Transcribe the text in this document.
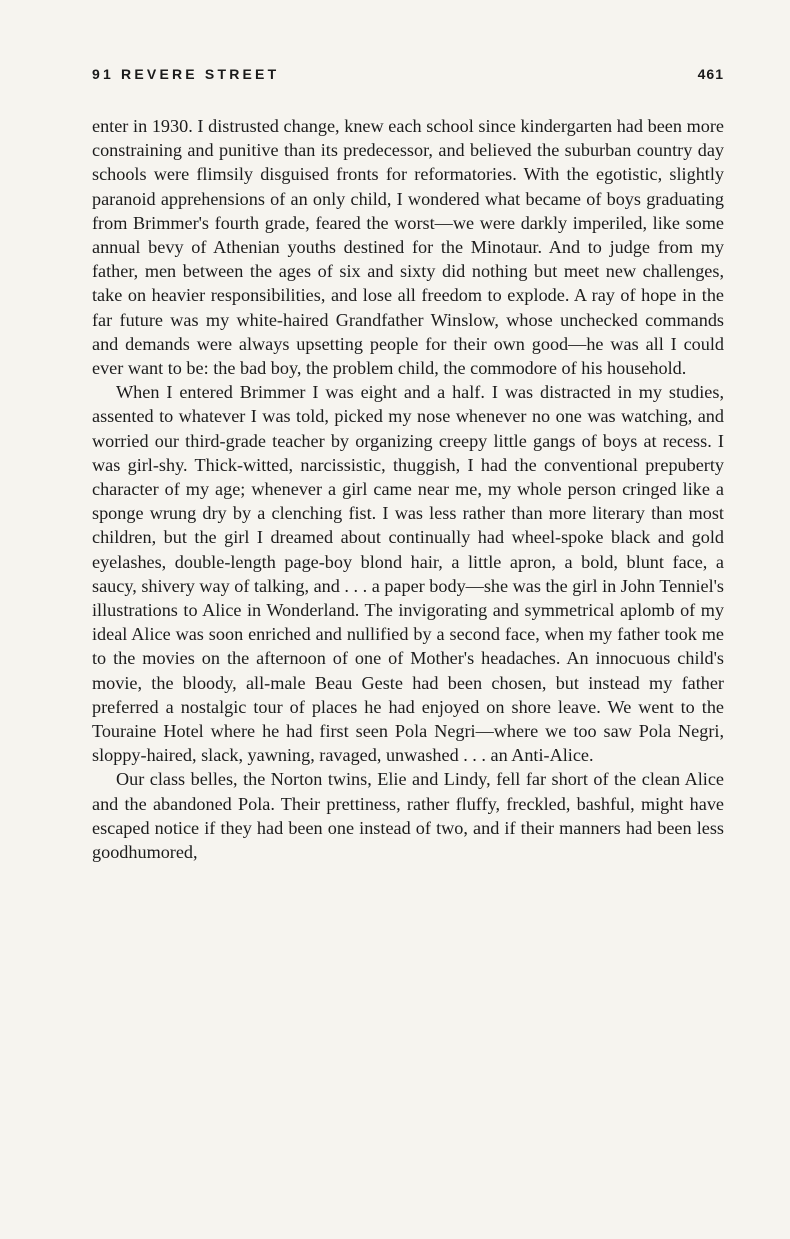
91 REVERE STREET	461

enter in 1930. I distrusted change, knew each school since kindergarten had been more constraining and punitive than its predecessor, and believed the suburban country day schools were flimsily disguised fronts for reformatories. With the egotistic, slightly paranoid apprehensions of an only child, I wondered what became of boys graduating from Brimmer's fourth grade, feared the worst—we were darkly imperiled, like some annual bevy of Athenian youths destined for the Minotaur. And to judge from my father, men between the ages of six and sixty did nothing but meet new challenges, take on heavier responsibilities, and lose all freedom to explode. A ray of hope in the far future was my white-haired Grandfather Winslow, whose unchecked commands and demands were always upsetting people for their own good—he was all I could ever want to be: the bad boy, the problem child, the commodore of his household.

When I entered Brimmer I was eight and a half. I was distracted in my studies, assented to whatever I was told, picked my nose whenever no one was watching, and worried our third-grade teacher by organizing creepy little gangs of boys at recess. I was girl-shy. Thick-witted, narcissistic, thuggish, I had the conventional prepuberty character of my age; whenever a girl came near me, my whole person cringed like a sponge wrung dry by a clenching fist. I was less rather than more literary than most children, but the girl I dreamed about continually had wheel-spoke black and gold eyelashes, double-length page-boy blond hair, a little apron, a bold, blunt face, a saucy, shivery way of talking, and . . . a paper body—she was the girl in John Tenniel's illustrations to Alice in Wonderland. The invigorating and symmetrical aplomb of my ideal Alice was soon enriched and nullified by a second face, when my father took me to the movies on the afternoon of one of Mother's headaches. An innocuous child's movie, the bloody, all-male Beau Geste had been chosen, but instead my father preferred a nostalgic tour of places he had enjoyed on shore leave. We went to the Touraine Hotel where he had first seen Pola Negri—where we too saw Pola Negri, sloppy-haired, slack, yawning, ravaged, unwashed . . . an Anti-Alice.

Our class belles, the Norton twins, Elie and Lindy, fell far short of the clean Alice and the abandoned Pola. Their prettiness, rather fluffy, freckled, bashful, might have escaped notice if they had been one instead of two, and if their manners had been less goodhumored,
